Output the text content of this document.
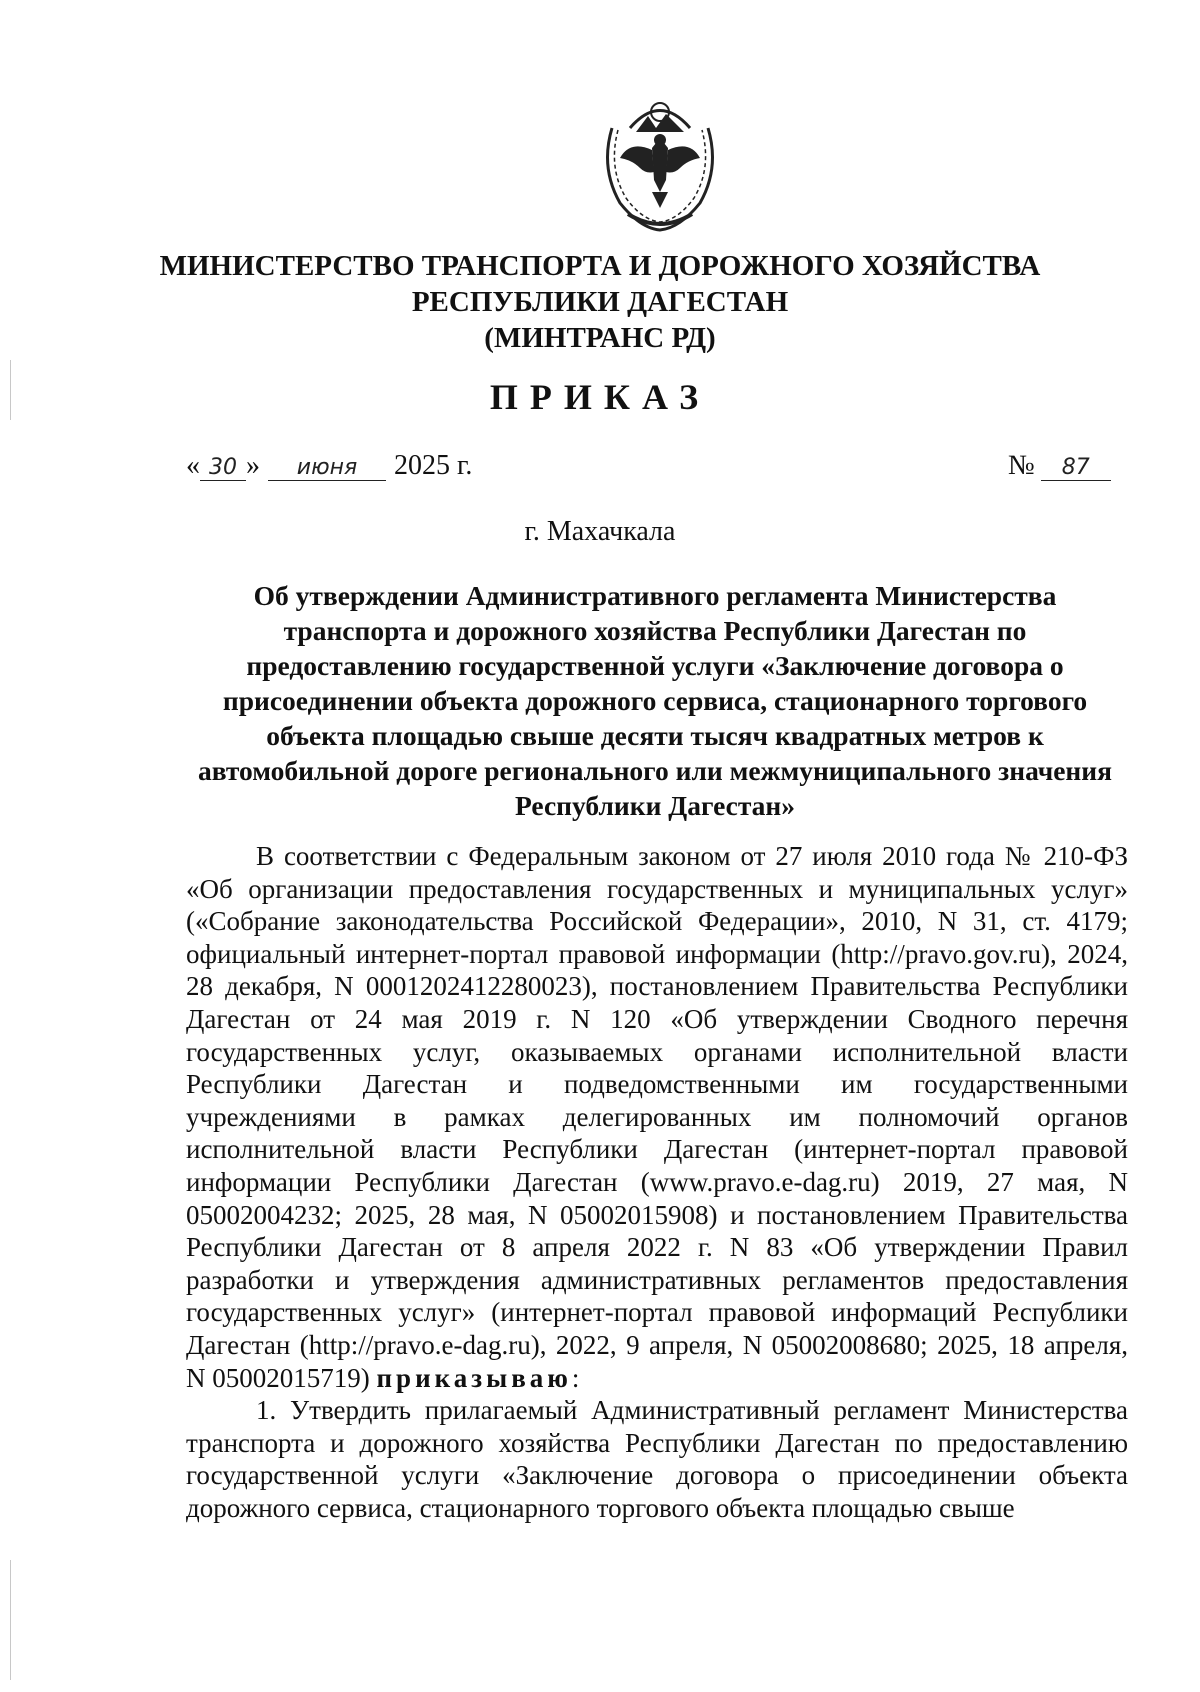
МИНИСТЕРСТВО ТРАНСПОРТА И ДОРОЖНОГО ХОЗЯЙСТВА
РЕСПУБЛИКИ ДАГЕСТАН
(МИНТРАНС РД)
ПРИКАЗ
« 30 » июня 2025 г.	№ 87
г. Махачкала
Об утверждении Административного регламента Министерства
транспорта и дорожного хозяйства Республики Дагестан по
предоставлению государственной услуги «Заключение договора о
присоединении объекта дорожного сервиса, стационарного торгового
объекта площадью свыше десяти тысяч квадратных метров к
автомобильной дороге регионального или межмуниципального значения
Республики Дагестан»

В соответствии с Федеральным законом от 27 июля 2010 года № 210-ФЗ «Об организации предоставления государственных и муниципальных услуг» («Собрание законодательства Российской Федерации», 2010, N 31, ст. 4179; официальный интернет-портал правовой информации (http://pravo.gov.ru), 2024, 28 декабря, N 0001202412280023), постановлением Правительства Республики Дагестан от 24 мая 2019 г. N 120 «Об утверждении Сводного перечня государственных услуг, оказываемых органами исполнительной власти Республики Дагестан и подведомственными им государственными учреждениями в рамках делегированных им полномочий органов исполнительной власти Республики Дагестан (интернет-портал правовой информации Республики Дагестан (www.pravo.e-dag.ru) 2019, 27 мая, N 05002004232; 2025, 28 мая, N 05002015908) и постановлением Правительства Республики Дагестан от 8 апреля 2022 г. N 83 «Об утверждении Правил разработки и утверждения административных регламентов предоставления государственных услуг» (интернет-портал правовой информаций Республики Дагестан (http://pravo.e-dag.ru), 2022, 9 апреля, N 05002008680; 2025, 18 апреля, N 05002015719) приказываю:

1. Утвердить прилагаемый Административный регламент Министерства транспорта и дорожного хозяйства Республики Дагестан по предоставлению государственной услуги «Заключение договора о присоединении объекта дорожного сервиса, стационарного торгового объекта площадью свыше
